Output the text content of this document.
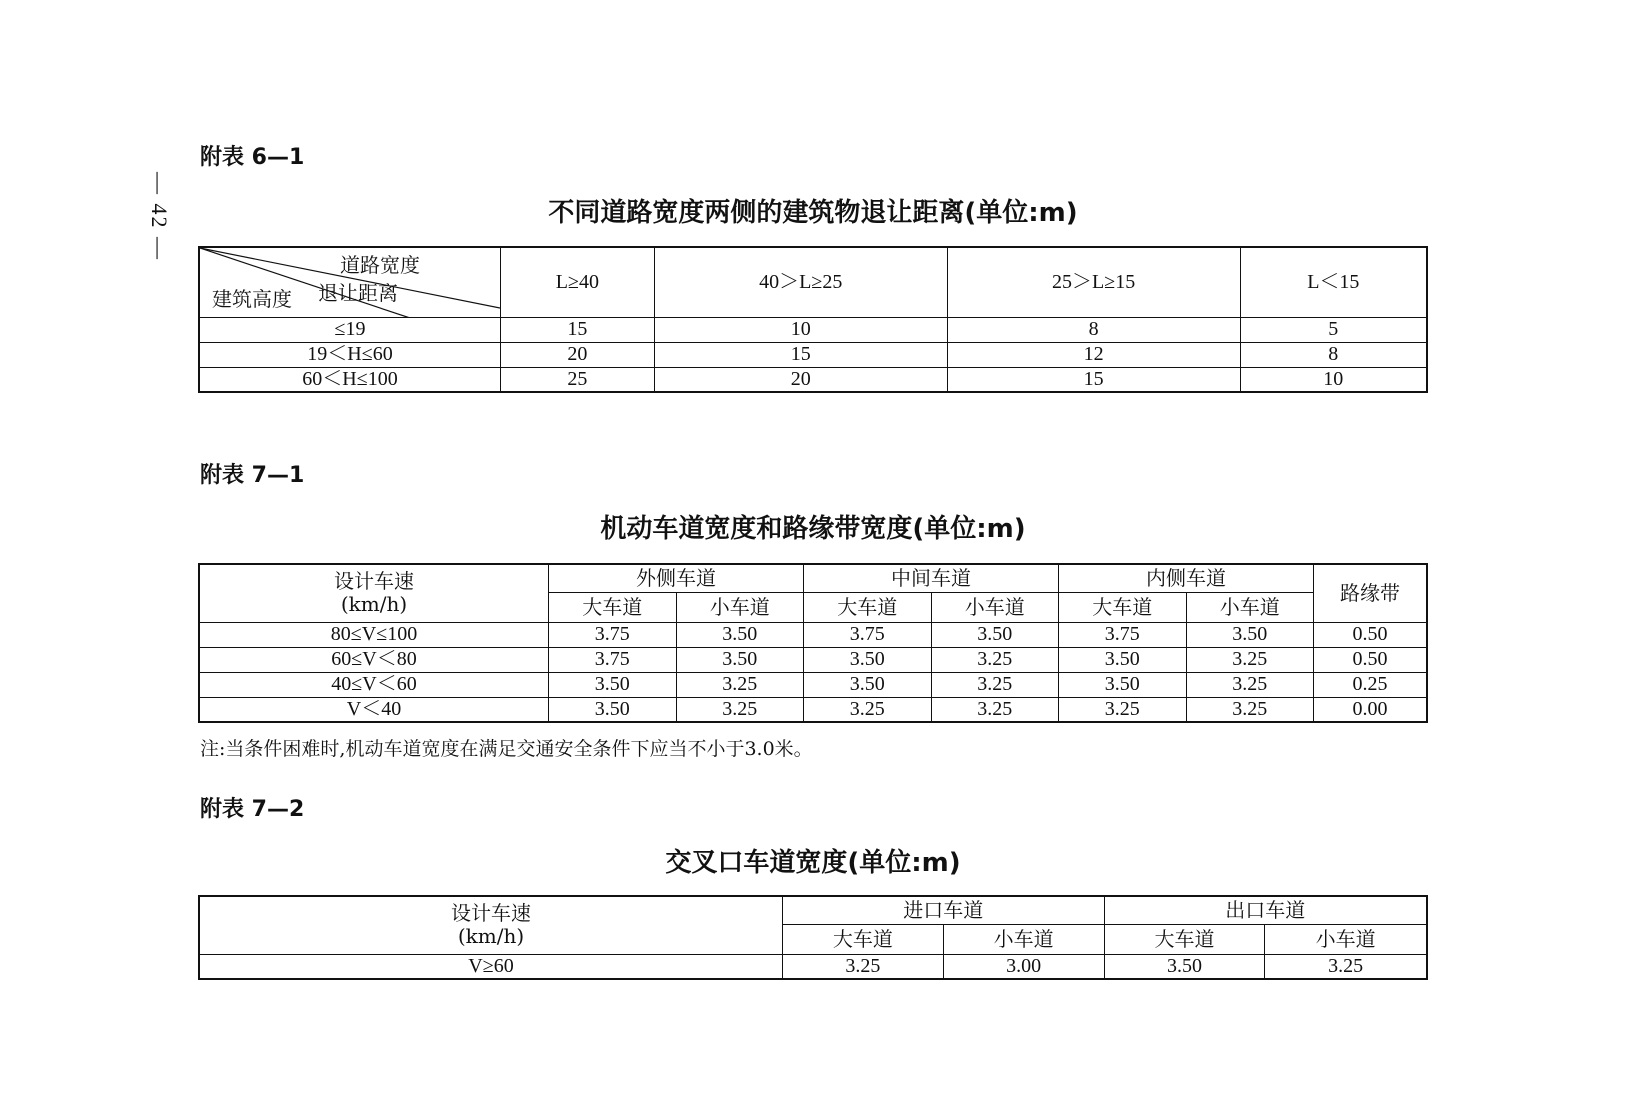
— 42 —
附表 6—1
不同道路宽度两侧的建筑物退让距离(单位:m)
道路宽度
退让距离
建筑高度	L≥40	40＞L≥25	25＞L≥15	L＜15
≤19	15	10	8	5
19＜H≤60	20	15	12	8
60＜H≤100	25	20	15	10
附表 7—1
机动车道宽度和路缘带宽度(单位:m)
设计车速
(km/h)	外侧车道		中间车道		内侧车道		路缘带
	大车道	小车道	大车道	小车道	大车道	小车道	
80≤V≤100	3.75	3.50	3.75	3.50	3.75	3.50	0.50
60≤V＜80	3.75	3.50	3.50	3.25	3.50	3.25	0.50
40≤V＜60	3.50	3.25	3.50	3.25	3.50	3.25	0.25
V＜40	3.50	3.25	3.25	3.25	3.25	3.25	0.00
注:当条件困难时,机动车道宽度在满足交通安全条件下应当不小于3.0米。
附表 7—2
交叉口车道宽度(单位:m)
设计车速
(km/h)	进口车道		出口车道	
	大车道	小车道	大车道	小车道
V≥60	3.25	3.00	3.50	3.25
